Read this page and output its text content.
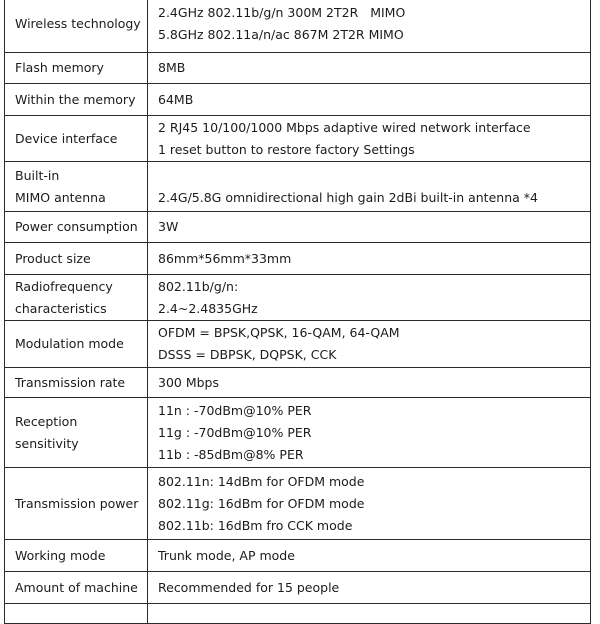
Wireless technology	2.4GHz 802.11b/g/n 300M 2T2R   MIMO
5.8GHz 802.11a/n/ac 867M 2T2R MIMO

Flash memory	8MB

Within the memory	64MB

Device interface	2 RJ45 10/100/1000 Mbps adaptive wired network interface
1 reset button to restore factory Settings

Built-in
MIMO antenna	2.4G/5.8G omnidirectional high gain 2dBi built-in antenna *4

Power consumption	3W

Product size	86mm*56mm*33mm

Radiofrequency
characteristics	802.11b/g/n:
2.4~2.4835GHz

Modulation mode	OFDM = BPSK,QPSK, 16-QAM, 64-QAM
DSSS = DBPSK, DQPSK, CCK

Transmission rate	300 Mbps

Reception
sensitivity	11n : -70dBm@10% PER
11g : -70dBm@10% PER
11b : -85dBm@8% PER

Transmission power	802.11n: 14dBm for OFDM mode
802.11g: 16dBm for OFDM mode
802.11b: 16dBm fro CCK mode

Working mode	Trunk mode, AP mode

Amount of machine	Recommended for 15 people
